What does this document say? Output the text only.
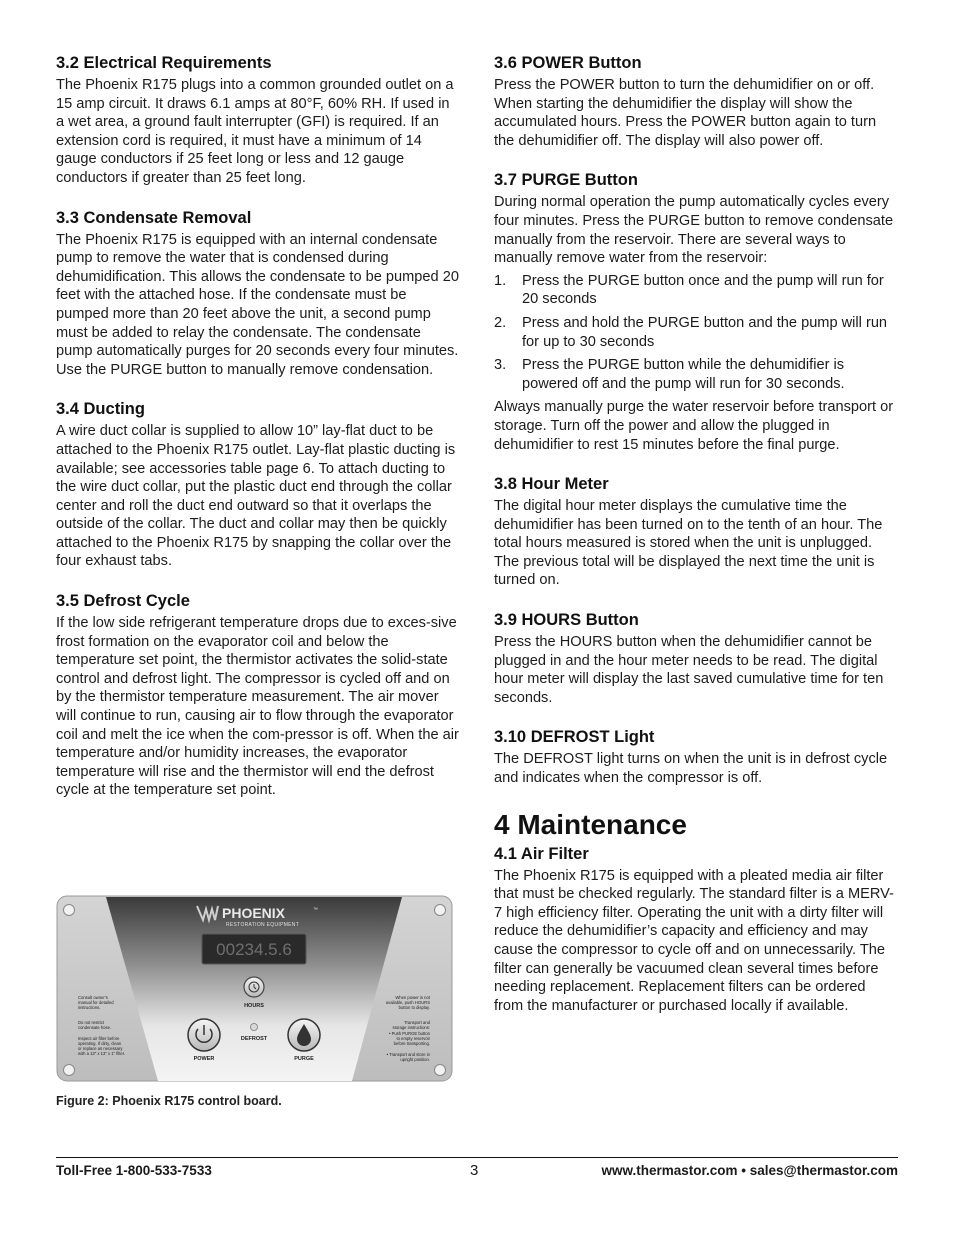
3.2 Electrical Requirements

The Phoenix R175 plugs into a common grounded outlet on a 15 amp circuit. It draws 6.1 amps at 80°F, 60% RH. If used in a wet area, a ground fault interrupter (GFI) is required. If an extension cord is required, it must have a minimum of 14 gauge conductors if 25 feet long or less and 12 gauge conductors if greater than 25 feet long.

3.3 Condensate Removal

The Phoenix R175 is equipped with an internal condensate pump to remove the water that is condensed during dehumidification. This allows the condensate to be pumped 20 feet with the attached hose. If the condensate must be pumped more than 20 feet above the unit, a second pump must be added to relay the condensate. The condensate pump automatically purges for 20 seconds every four minutes. Use the PURGE button to manually remove condensation.

3.4 Ducting

A wire duct collar is supplied to allow 10” lay-flat duct to be attached to the Phoenix R175 outlet. Lay-flat plastic ducting is available; see accessories table page 6. To attach ducting to the wire duct collar, put the plastic duct end through the collar center and roll the duct end outward so that it overlaps the outside of the collar. The duct and collar may then be quickly attached to the Phoenix R175 by snapping the collar over the four exhaust tabs.

3.5 Defrost Cycle

If the low side refrigerant temperature drops due to exces-sive frost formation on the evaporator coil and below the temperature set point, the thermistor activates the solid-state control and defrost light. The compressor is cycled off and on by the thermistor temperature measurement. The air mover will continue to run, causing air to flow through the evaporator coil and melt the ice when the com-pressor is off. When the air temperature and/or humidity increases, the evaporator temperature will rise and the thermistor will end the defrost cycle at the temperature set point.

PHOENIX	™
RESTORATION EQUIPMENT
00234.5.6
HOURS
DEFROST
POWER	PURGE
Consult owner’s
manual for detailed
instructions.
Do not restrict
condensate hose.
Inspect air filter before
operating. If dirty, clean
or replace as necessary
with a 13" x 13" x 1" filter.
When power is not
available, push HOURS
button to display.
Transport and
storage instructions:
• Push PURGE button
to empty reservoir
before transporting.
• Transport and store in
upright position.
Figure 2: Phoenix R175 control board.
3.6 POWER Button

Press the POWER button to turn the dehumidifier on or off. When starting the dehumidifier the display will show the accumulated hours. Press the POWER button again to turn the dehumidifier off. The display will also power off.

3.7 PURGE Button

During normal operation the pump automatically cycles every four minutes. Press the PURGE button to remove condensate manually from the reservoir. There are several ways to manually remove water from the reservoir:

1. Press the PURGE button once and the pump will run for 20 seconds
2. Press and hold the PURGE button and the pump will run for up to 30 seconds
3. Press the PURGE button while the dehumidifier is powered off and the pump will run for 30 seconds.

Always manually purge the water reservoir before transport or storage. Turn off the power and allow the plugged in dehumidifier to rest 15 minutes before the final purge.

3.8 Hour Meter

The digital hour meter displays the cumulative time the dehumidifier has been turned on to the tenth of an hour. The total hours measured is stored when the unit is unplugged. The previous total will be displayed the next time the unit is turned on.

3.9 HOURS Button

Press the HOURS button when the dehumidifier cannot be plugged in and the hour meter needs to be read. The digital hour meter will display the last saved cumulative time for ten seconds.

3.10 DEFROST Light

The DEFROST light turns on when the unit is in defrost cycle and indicates when the compressor is off.

4 Maintenance
4.1 Air Filter

The Phoenix R175 is equipped with a pleated media air filter that must be checked regularly. The standard filter is a MERV-7 high efficiency filter. Operating the unit with a dirty filter will reduce the dehumidifier’s capacity and efficiency and may cause the compressor to cycle off and on unnecessarily. The filter can generally be vacuumed clean several times before needing replacement. Replacement filters can be ordered from the manufacturer or purchased locally if available.

Toll-Free 1-800-533-7533	3	www.thermastor.com • sales@thermastor.com
